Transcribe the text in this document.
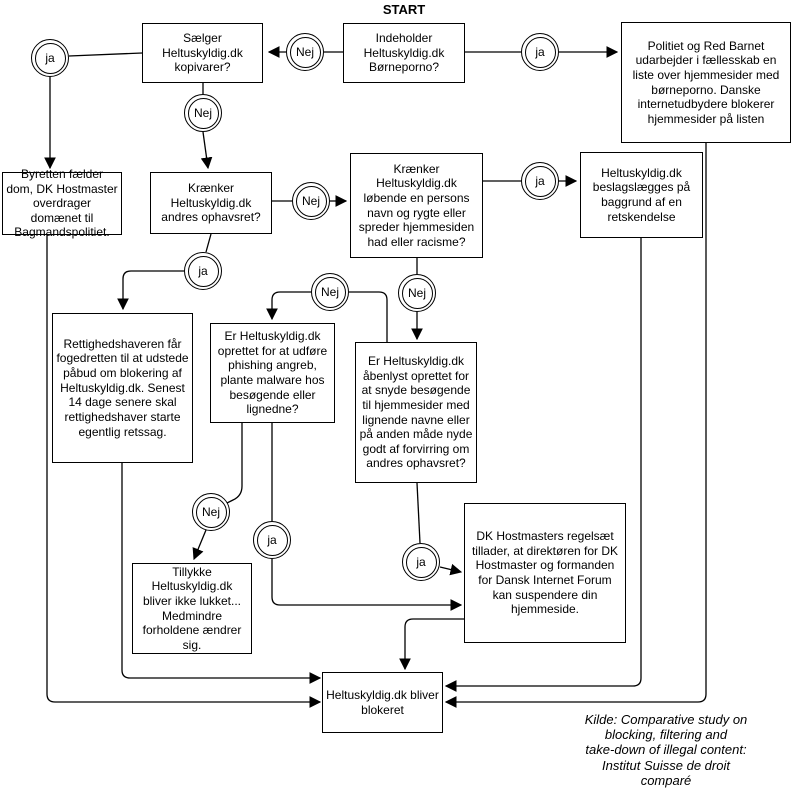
START
Indeholder Heltuskyldig.dk Børneporno?
Sælger Heltuskyldig.dk kopivarer?
Politiet og Red Barnet udarbejder i fællesskab en liste over hjemmesider med børneporno. Danske internetudbydere blokerer hjemmesider på listen
Byretten fælder dom, DK Hostmaster overdrager domænet til Bagmandspolitiet.
Krænker Heltuskyldig.dk andres ophavsret?
Krænker Heltuskyldig.dk løbende en persons navn og rygte eller spreder hjemmesiden had eller racisme?
Heltuskyldig.dk beslagslægges på baggrund af en retskendelse
Rettighedshaveren får fogedretten til at udstede påbud om blokering af Heltuskyldig.dk. Senest 14 dage senere skal rettighedshaver starte egentlig retssag.
Er Heltuskyldig.dk oprettet for at udføre phishing angreb, plante malware hos besøgende eller lignedne?
Er Heltuskyldig.dk åbenlyst oprettet for at snyde besøgende til hjemmesider med lignende navne eller på anden måde nyde godt af forvirring om andres ophavsret?
Tillykke Heltuskyldig.dk bliver ikke lukket... Medmindre forholdene ændrer sig.
DK Hostmasters regelsæt tillader, at direktøren for DK Hostmaster og formanden for Dansk Internet Forum kan suspendere din hjemmeside.
Heltuskyldig.dk bliver blokeret
Nej	ja
ja
Nej
Nej
ja
ja
Nej
Nej
Nej
ja
ja
Kilde: Comparative study on
blocking, filtering and
take-down of illegal content:
Institut Suisse de droit
comparé
